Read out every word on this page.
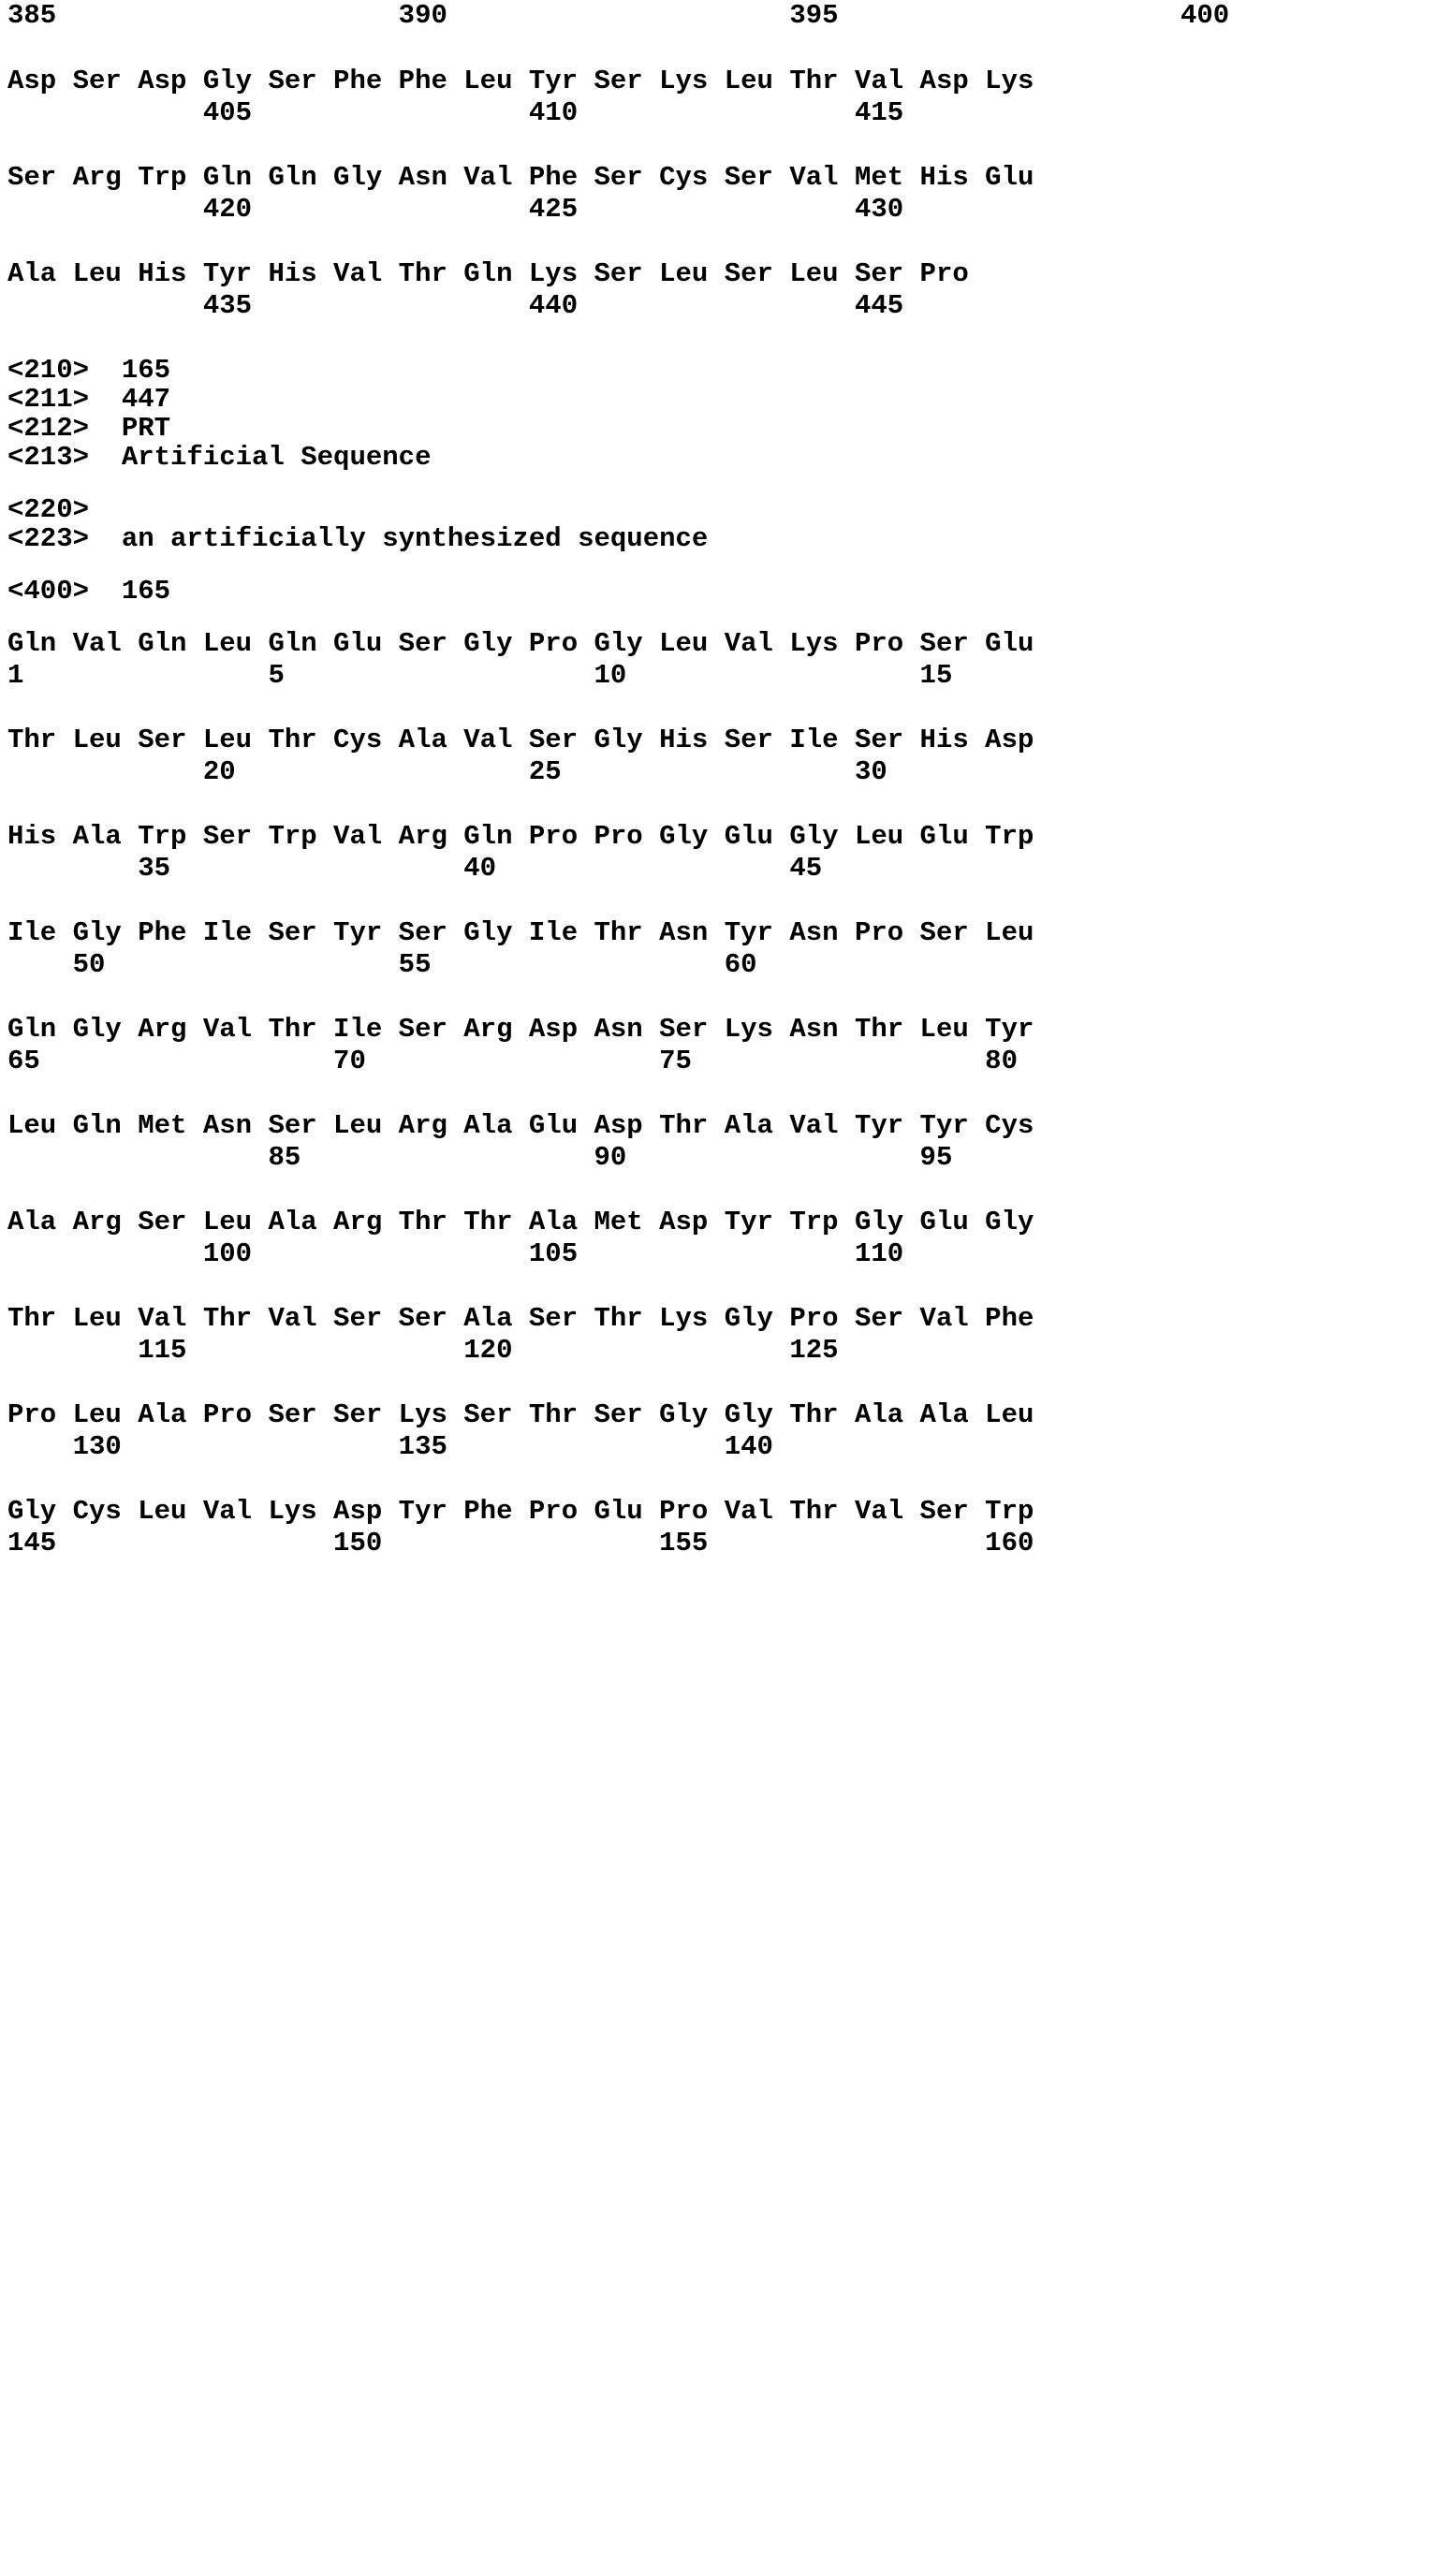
385                     390                     395                     400
Asp Ser Asp Gly Ser Phe Phe Leu Tyr Ser Lys Leu Thr Val Asp Lys
405                 410                 415
Ser Arg Trp Gln Gln Gly Asn Val Phe Ser Cys Ser Val Met His Glu
420                 425                 430
Ala Leu His Tyr His Val Thr Gln Lys Ser Leu Ser Leu Ser Pro
435                 440                 445
<210>  165
<211>  447
<212>  PRT
<213>  Artificial Sequence
<220>
<223>  an artificially synthesized sequence
<400>  165
Gln Val Gln Leu Gln Glu Ser Gly Pro Gly Leu Val Lys Pro Ser Glu
1               5                   10                  15
Thr Leu Ser Leu Thr Cys Ala Val Ser Gly His Ser Ile Ser His Asp
20                  25                  30
His Ala Trp Ser Trp Val Arg Gln Pro Pro Gly Glu Gly Leu Glu Trp
35                  40                  45
Ile Gly Phe Ile Ser Tyr Ser Gly Ile Thr Asn Tyr Asn Pro Ser Leu
50                  55                  60
Gln Gly Arg Val Thr Ile Ser Arg Asp Asn Ser Lys Asn Thr Leu Tyr
65                  70                  75                  80
Leu Gln Met Asn Ser Leu Arg Ala Glu Asp Thr Ala Val Tyr Tyr Cys
85                  90                  95
Ala Arg Ser Leu Ala Arg Thr Thr Ala Met Asp Tyr Trp Gly Glu Gly
100                 105                 110
Thr Leu Val Thr Val Ser Ser Ala Ser Thr Lys Gly Pro Ser Val Phe
115                 120                 125
Pro Leu Ala Pro Ser Ser Lys Ser Thr Ser Gly Gly Thr Ala Ala Leu
130                 135                 140
Gly Cys Leu Val Lys Asp Tyr Phe Pro Glu Pro Val Thr Val Ser Trp
145                 150                 155                 160
